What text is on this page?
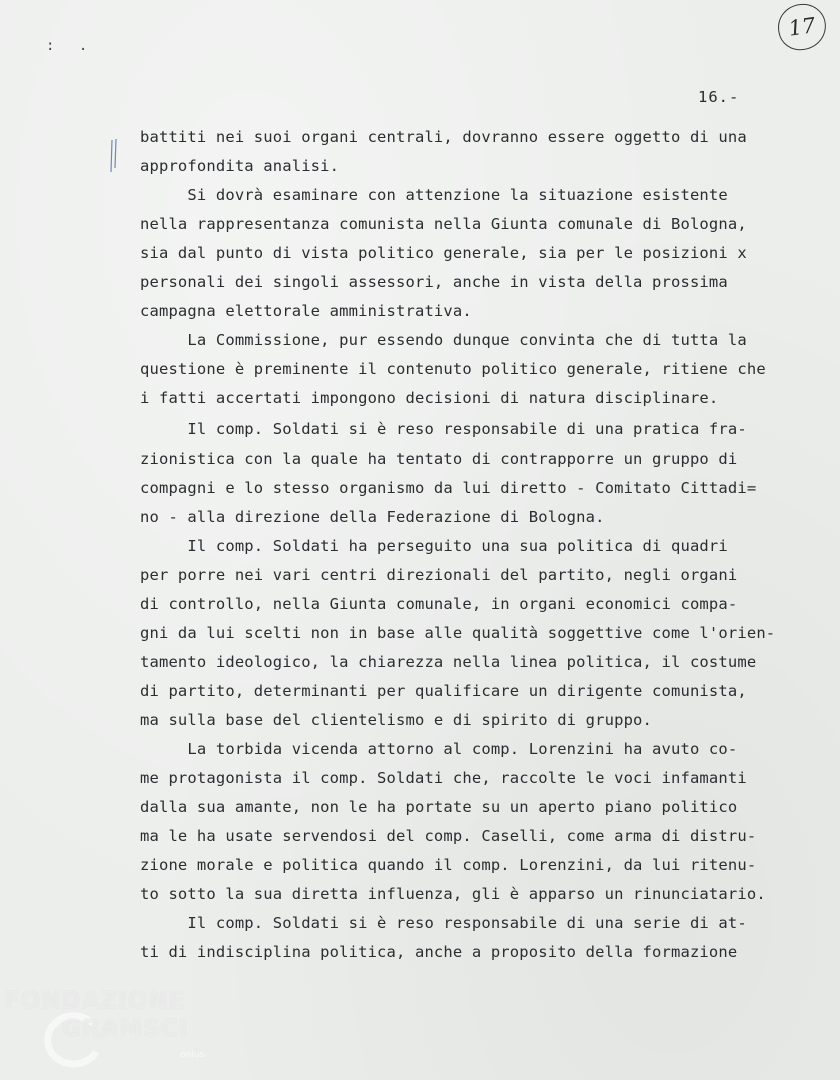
: .
17
16.-
battiti nei suoi organi centrali, dovranno essere oggetto di una
approfondita analisi.
Si dovrà esaminare con attenzione la situazione esistente
nella rappresentanza comunista nella Giunta comunale di Bologna,
sia dal punto di vista politico generale, sia per le posizioni x
personali dei singoli assessori, anche in vista della prossima
campagna elettorale amministrativa.
La Commissione, pur essendo dunque convinta che di tutta la
questione è preminente il contenuto politico generale, ritiene che
i fatti accertati impongono decisioni di natura disciplinare.
Il comp. Soldati si è reso responsabile di una pratica fra-
zionistica con la quale ha tentato di contrapporre un gruppo di
compagni e lo stesso organismo da lui diretto - Comitato Cittadi=
no - alla direzione della Federazione di Bologna.
Il comp. Soldati ha perseguito una sua politica di quadri
per porre nei vari centri direzionali del partito, negli organi
di controllo, nella Giunta comunale, in organi economici compa-
gni da lui scelti non in base alle qualità soggettive come l'orien-
tamento ideologico, la chiarezza nella linea politica, il costume
di partito, determinanti per qualificare un dirigente comunista,
ma sulla base del clientelismo e di spirito di gruppo.
La torbida vicenda attorno al comp. Lorenzini ha avuto co-
me protagonista il comp. Soldati che, raccolte le voci infamanti
dalla sua amante, non le ha portate su un aperto piano politico
ma le ha usate servendosi del comp. Caselli, come arma di distru-
zione morale e politica quando il comp. Lorenzini, da lui ritenu-
to sotto la sua diretta influenza, gli è apparso un rinunciatario.
Il comp. Soldati si è reso responsabile di una serie di at-
ti di indisciplina politica, anche a proposito della formazione
FONDAZIONE
GRAMSCI
onlus
